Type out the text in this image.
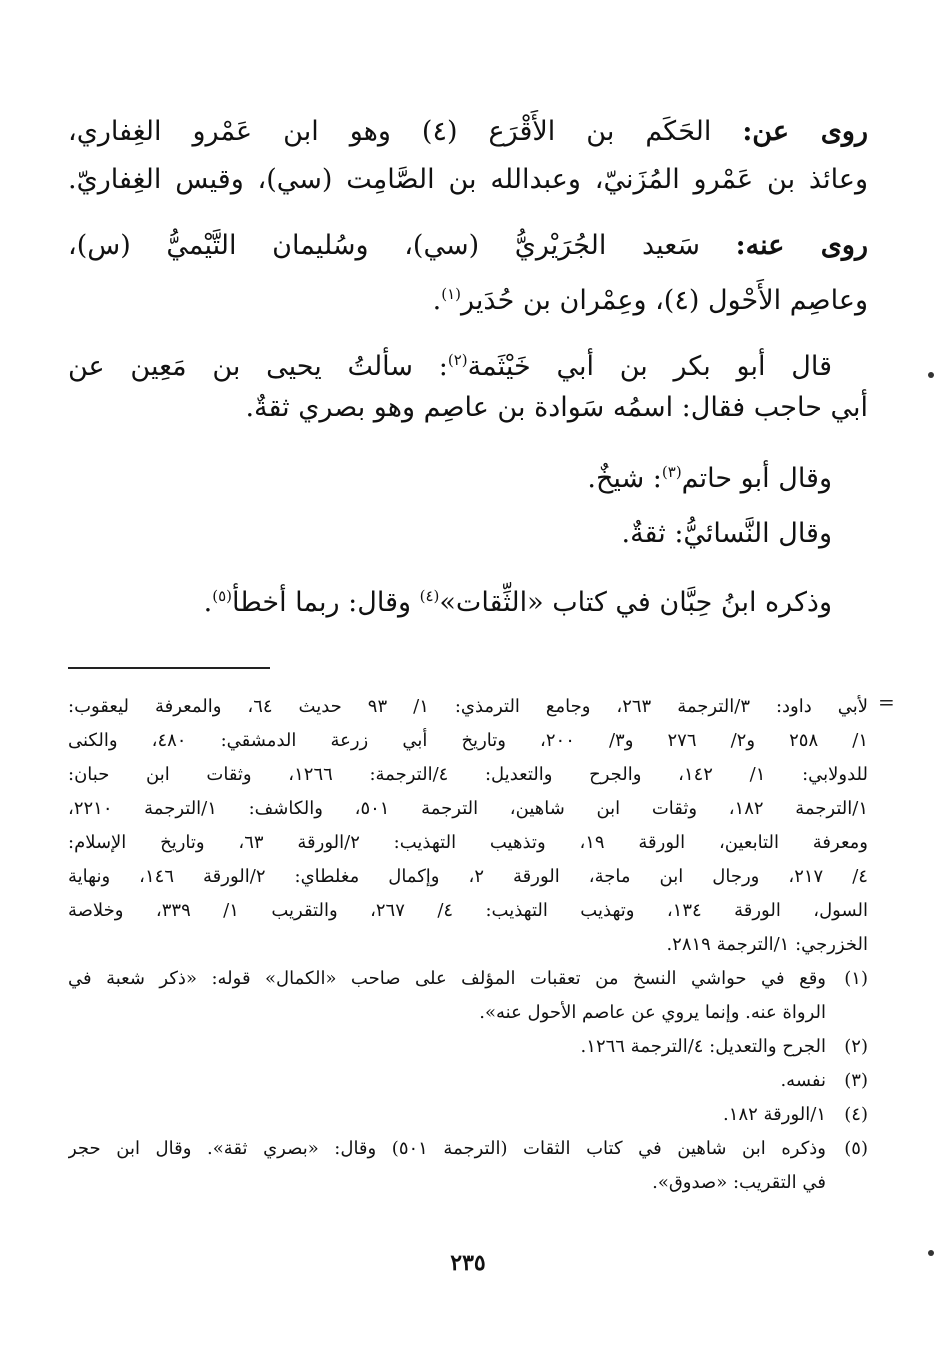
روى عن: الحَكَم بن الأَقْرَع (٤) وهو ابن عَمْرو الغِفاري،
وعائذ بن عَمْرو المُزَنيّ، وعبدالله بن الصَّامِت (سي)، وقيس الغِفاريّ.
روى عنه: سَعيد الجُرَيْريُّ (سي)، وسُليمان التَّيْميُّ (س)،
وعاصِم الأَحْول (٤)، وعِمْران بن حُدَير$^{(١)}$.
قال أبو بكر بن أبي خَيْثَمة$^{(٢)}$: سألتُ يحيى بن مَعِين عن
أبي حاجب فقال: اسمُه سَوادة بن عاصِم وهو بصري ثقةٌ.
وقال أبو حاتم$^{(٣)}$: شيخٌ.
وقال النَّسائيُّ: ثقةٌ.
وذكره ابنُ حِبَّان في كتاب «الثِّقات»$^{(٤)}$ وقال: ربما أخطأ$^{(٥)}$.
=
لأبي داود: ٣/الترجمة ٢٦٣، وجامع الترمذي: ١/ ٩٣ حديث ٦٤، والمعرفة ليعقوب:
١/ ٢٥٨ و٢/ ٢٧٦ و٣/ ٢٠٠، وتاريخ أبي زرعة الدمشقي: ٤٨٠، والكنى
للدولابي: ١/ ١٤٢، والجرح والتعديل: ٤/الترجمة: ١٢٦٦، وثقات ابن حبان:
١/الترجمة ١٨٢، وثقات ابن شاهين، الترجمة ٥٠١، والكاشف: ١/الترجمة ٢٢١٠،
ومعرفة التابعين، الورقة ١٩، وتذهيب التهذيب: ٢/الورقة ٦٣، وتاريخ الإسلام:
٤/ ٢١٧، ورجال ابن ماجة، الورقة ٢، وإكمال مغلطاي: ٢/الورقة ١٤٦، ونهاية
السول، الورقة ١٣٤، وتهذيب التهذيب: ٤/ ٢٦٧، والتقريب ١/ ٣٣٩، وخلاصة
الخزرجي: ١/الترجمة ٢٨١٩.
(١)
وقع في حواشي النسخ من تعقبات المؤلف على صاحب «الكمال» قوله: «ذكر شعبة في
الرواة عنه. وإنما يروي عن عاصم الأحول عنه».
(٢)
الجرح والتعديل: ٤/الترجمة ١٢٦٦.
(٣)
نفسه.
(٤)
١/الورقة ١٨٢.
(٥)
وذكره ابن شاهين في كتاب الثقات (الترجمة ٥٠١) وقال: «بصري ثقة». وقال ابن حجر
في التقريب: «صدوق».
٢٣٥
